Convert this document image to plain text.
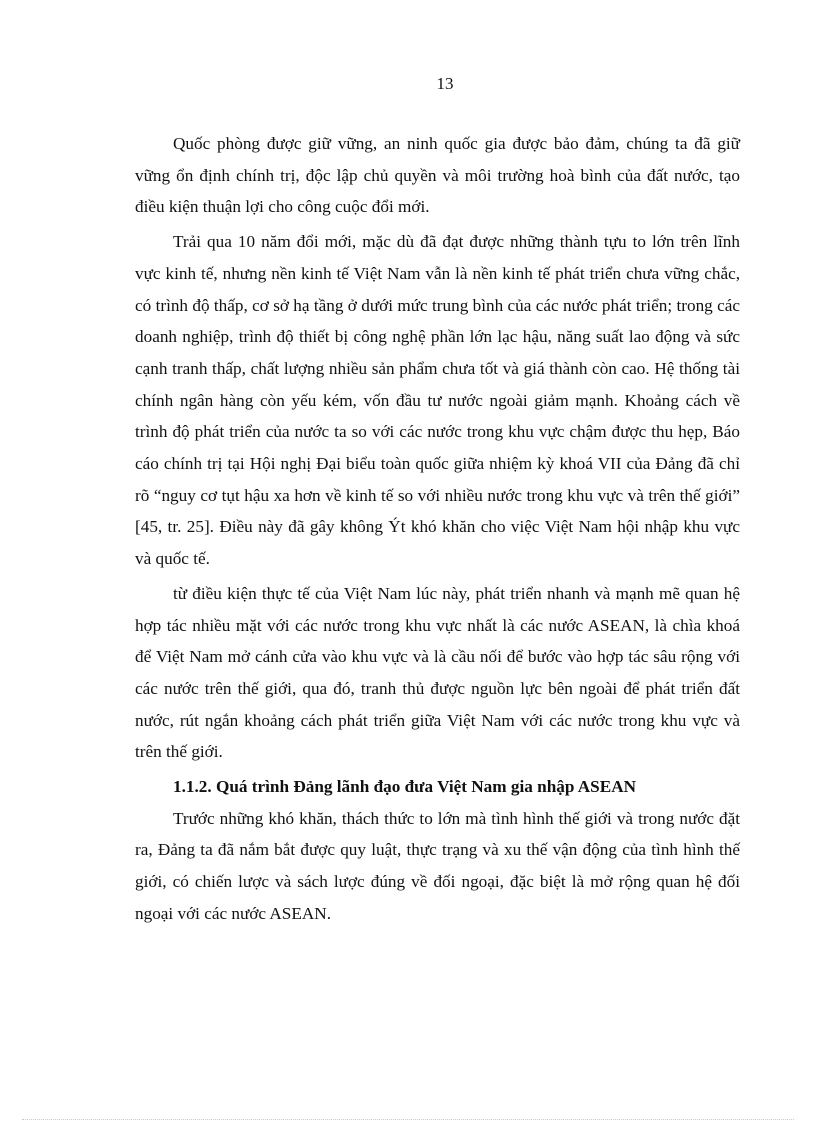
13

Quốc phòng được giữ vững, an ninh quốc gia được bảo đảm, chúng ta đã giữ vững ổn định chính trị, độc lập chủ quyền và môi trường hoà bình của đất nước, tạo điều kiện thuận lợi cho công cuộc đổi mới.

Trải qua 10 năm đổi mới, mặc dù đã đạt được những thành tựu to lớn trên lĩnh vực kinh tế, nhưng nền kinh tế Việt Nam vẫn là nền kinh tế phát triển chưa vững chắc, có trình độ thấp, cơ sở hạ tầng ở dưới mức trung bình của các nước phát triển; trong các doanh nghiệp, trình độ thiết bị công nghệ phần lớn lạc hậu, năng suất lao động và sức cạnh tranh thấp, chất lượng nhiều sản phẩm chưa tốt và giá thành còn cao. Hệ thống tài chính ngân hàng còn yếu kém, vốn đầu tư nước ngoài giảm mạnh. Khoảng cách về trình độ phát triển của nước ta so với các nước trong khu vực chậm được thu hẹp, Báo cáo chính trị tại Hội nghị Đại biểu toàn quốc giữa nhiệm kỳ khoá VII của Đảng đã chỉ rõ “nguy cơ tụt hậu xa hơn về kinh tế so với nhiều nước trong khu vực và trên thế giới” [45, tr. 25]. Điều này đã gây không Ýt khó khăn cho việc Việt Nam hội nhập khu vực và quốc tế.

từ điều kiện thực tế của Việt Nam lúc này, phát triển nhanh và mạnh mẽ quan hệ hợp tác nhiều mặt với các nước trong khu vực nhất là các nước ASEAN, là chìa khoá để Việt Nam mở cánh cửa vào khu vực và là cầu nối để bước vào hợp tác sâu rộng với các nước trên thế giới, qua đó, tranh thủ được nguồn lực bên ngoài để phát triển đất nước, rút ngắn khoảng cách phát triển giữa Việt Nam với các nước trong khu vực và trên thế giới.

1.1.2. Quá trình Đảng lãnh đạo đưa Việt Nam gia nhập ASEAN

Trước những khó khăn, thách thức to lớn mà tình hình thế giới và trong nước đặt ra, Đảng ta đã nắm bắt được quy luật, thực trạng và xu thế vận động của tình hình thế giới, có chiến lược và sách lược đúng về đối ngoại, đặc biệt là mở rộng quan hệ đối ngoại với các nước ASEAN.
